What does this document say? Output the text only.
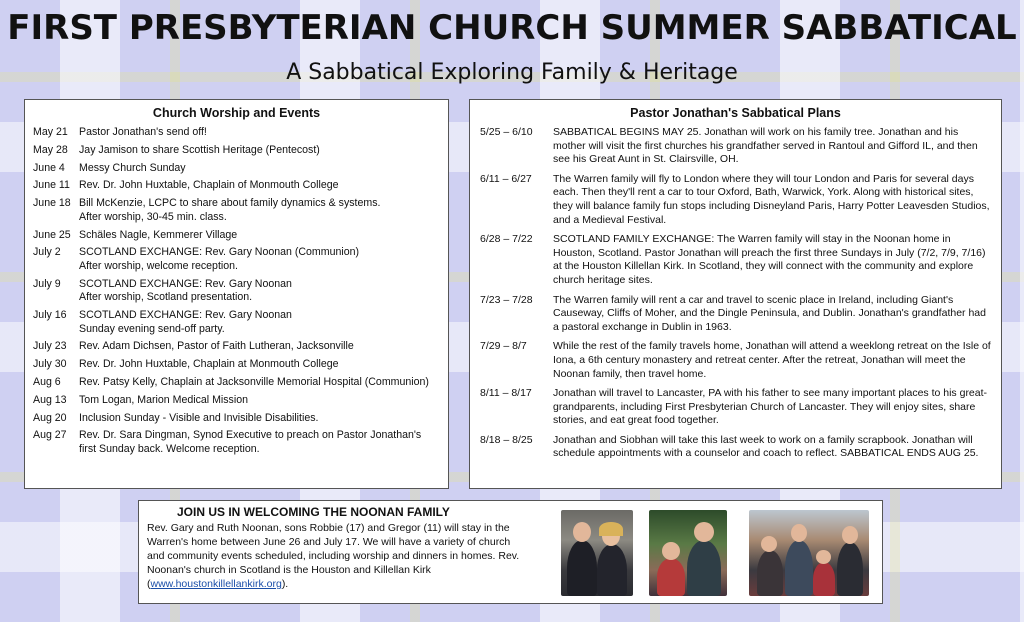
FIRST PRESBYTERIAN CHURCH SUMMER SABBATICAL
A Sabbatical Exploring Family & Heritage
Church Worship and Events
May 21	Pastor Jonathan's send off!
May 28	Jay Jamison to share Scottish Heritage (Pentecost)
June 4	Messy Church Sunday
June 11 Rev. Dr. John Huxtable, Chaplain of Monmouth College
June 18 Bill McKenzie, LCPC to share about family dynamics & systems.
After worship, 30-45 min. class.
June 25 Schäles Nagle, Kemmerer Village
July 2	SCOTLAND EXCHANGE: Rev. Gary Noonan (Communion)
After worship, welcome reception.
July 9	SCOTLAND EXCHANGE: Rev. Gary Noonan
After worship, Scotland presentation.
July 16	SCOTLAND EXCHANGE: Rev. Gary Noonan
Sunday evening send-off party.
July 23	Rev. Adam Dichsen, Pastor of Faith Lutheran, Jacksonville
July 30	Rev. Dr. John Huxtable, Chaplain at Monmouth College
Aug 6	Rev. Patsy Kelly, Chaplain at Jacksonville Memorial Hospital (Communion)
Aug 13	Tom Logan, Marion Medical Mission
Aug 20	Inclusion Sunday - Visible and Invisible Disabilities.
Aug 27	Rev. Dr. Sara Dingman, Synod Executive to preach on Pastor Jonathan's first Sunday back. Welcome reception.
Pastor Jonathan's Sabbatical Plans
5/25 – 6/10	SABBATICAL BEGINS MAY 25. Jonathan will work on his family tree. Jonathan and his mother will visit the first churches his grandfather served in Rantoul and Gifford IL, and then see his Great Aunt in St. Clairsville, OH.
6/11 – 6/27	The Warren family will fly to London where they will tour London and Paris for several days each. Then they'll rent a car to tour Oxford, Bath, Warwick, York. Along with historical sites, they will balance family fun stops including Disneyland Paris, Harry Potter Leavesden Studios, and a Medieval Festival.
6/28 – 7/22	SCOTLAND FAMILY EXCHANGE: The Warren family will stay in the Noonan home in Houston, Scotland. Pastor Jonathan will preach the first three Sundays in July (7/2, 7/9, 7/16) at the Houston Killellan Kirk. In Scotland, they will connect with the community and explore church heritage sites.
7/23 – 7/28	The Warren family will rent a car and travel to scenic place in Ireland, including Giant's Causeway, Cliffs of Moher, and the Dingle Peninsula, and Dublin. Jonathan's grandfather had a pastoral exchange in Dublin in 1963.
7/29 – 8/7	While the rest of the family travels home, Jonathan will attend a weeklong retreat on the Isle of Iona, a 6th century monastery and retreat center. After the retreat, Jonathan will meet the Noonan family, then travel home.
8/11 – 8/17	Jonathan will travel to Lancaster, PA with his father to see many important places to his great-grandparents, including First Presbyterian Church of Lancaster. They will enjoy sites, share stories, and eat great food together.
8/18 – 8/25	Jonathan and Siobhan will take this last week to work on a family scrapbook. Jonathan will schedule appointments with a counselor and coach to reflect. SABBATICAL ENDS AUG 25.
JOIN US IN WELCOMING THE NOONAN FAMILY
Rev. Gary and Ruth Noonan, sons Robbie (17) and Gregor (11) will stay in the Warren's home between June 26 and July 17. We will have a variety of church and community events scheduled, including worship and dinners in homes. Rev. Noonan's church in Scotland is the Houston and Killellan Kirk (www.houstonkillellankirk.org).
